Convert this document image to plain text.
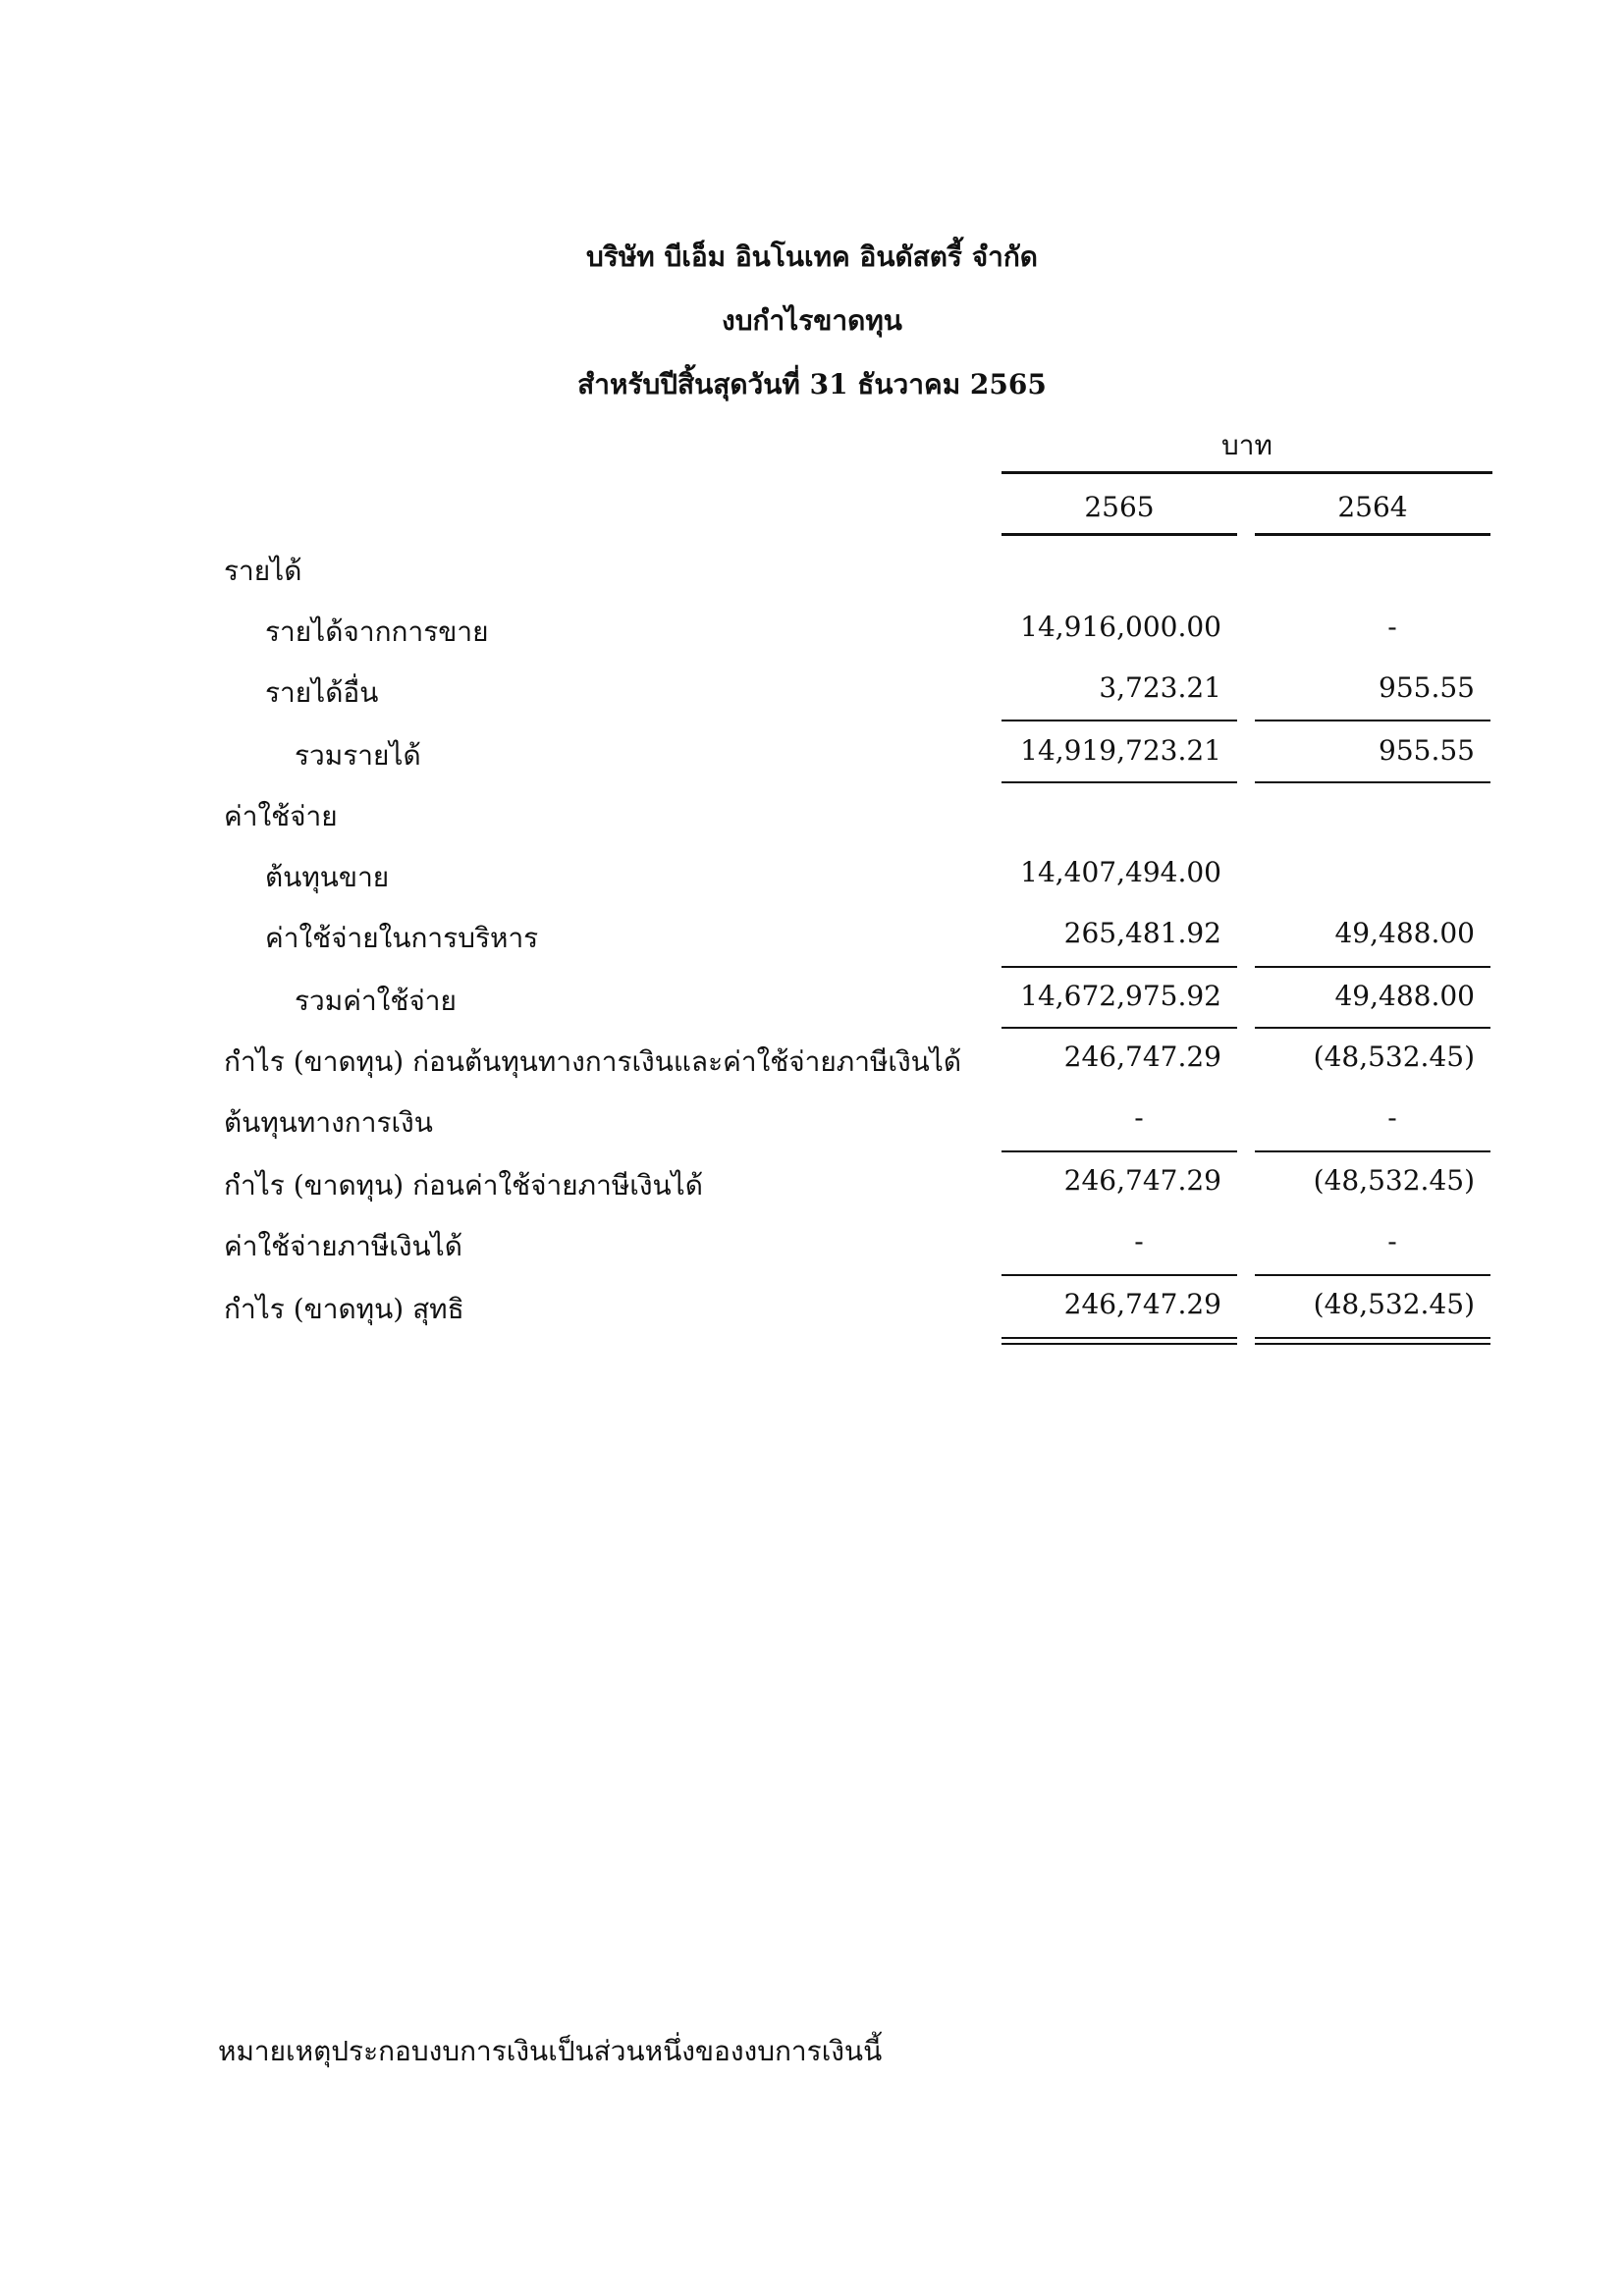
บริษัท บีเอ็ม อินโนเทค อินดัสตรี้ จำกัด
งบกำไรขาดทุน
สำหรับปีสิ้นสุดวันที่ 31 ธันวาคม 2565
บาท
2565	2564
รายได้
รายได้จากการขาย	14,916,000.00	-
รายได้อื่น	3,723.21	955.55
รวมรายได้	14,919,723.21	955.55
ค่าใช้จ่าย
ต้นทุนขาย	14,407,494.00
ค่าใช้จ่ายในการบริหาร	265,481.92	49,488.00
รวมค่าใช้จ่าย	14,672,975.92	49,488.00
กำไร (ขาดทุน) ก่อนต้นทุนทางการเงินและค่าใช้จ่ายภาษีเงินได้	246,747.29	(48,532.45)
ต้นทุนทางการเงิน	-	-
กำไร (ขาดทุน) ก่อนค่าใช้จ่ายภาษีเงินได้	246,747.29	(48,532.45)
ค่าใช้จ่ายภาษีเงินได้	-	-
กำไร (ขาดทุน) สุทธิ	246,747.29	(48,532.45)
หมายเหตุประกอบงบการเงินเป็นส่วนหนึ่งของงบการเงินนี้
